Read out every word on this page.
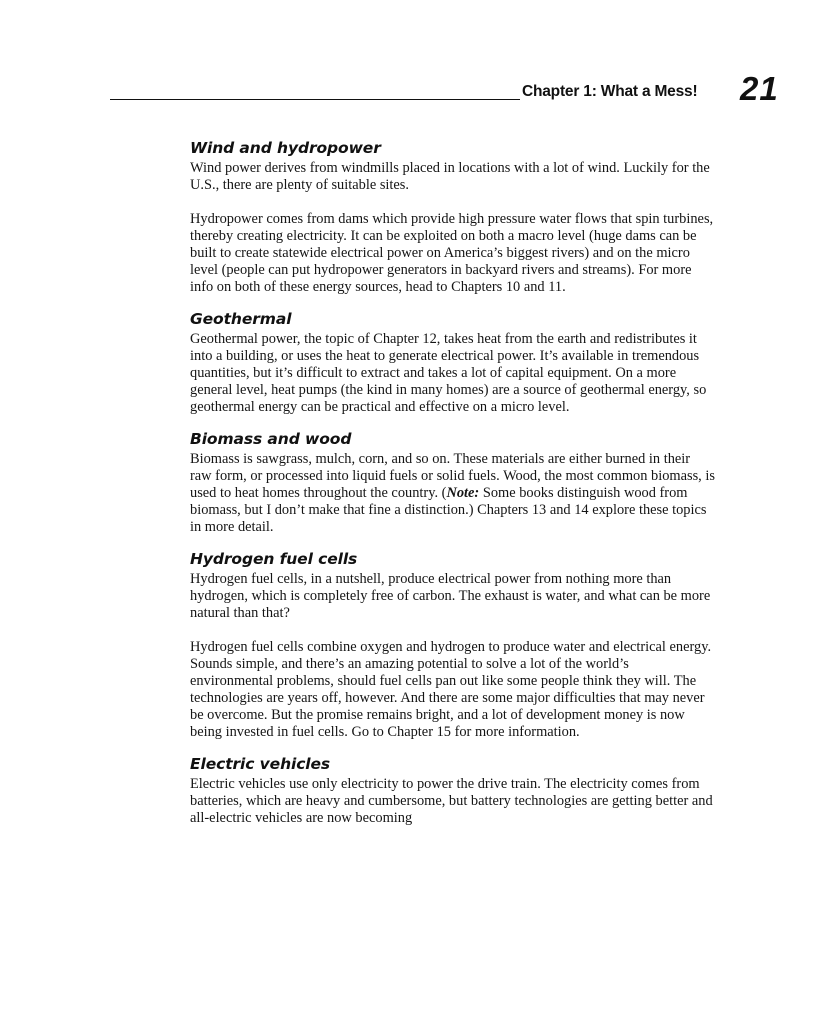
Chapter 1: What a Mess! 21
Wind and hydropower

Wind power derives from windmills placed in locations with a lot of wind. Luckily for the U.S., there are plenty of suitable sites.

Hydropower comes from dams which provide high pressure water flows that spin turbines, thereby creating electricity. It can be exploited on both a macro level (huge dams can be built to create statewide electrical power on America’s biggest rivers) and on the micro level (people can put hydropower generators in backyard rivers and streams). For more info on both of these energy sources, head to Chapters 10 and 11.

Geothermal

Geothermal power, the topic of Chapter 12, takes heat from the earth and redistributes it into a building, or uses the heat to generate electrical power. It’s available in tremendous quantities, but it’s difficult to extract and takes a lot of capital equipment. On a more general level, heat pumps (the kind in many homes) are a source of geothermal energy, so geothermal energy can be practical and effective on a micro level.

Biomass and wood

Biomass is sawgrass, mulch, corn, and so on. These materials are either burned in their raw form, or processed into liquid fuels or solid fuels. Wood, the most common biomass, is used to heat homes throughout the country. (Note: Some books distinguish wood from biomass, but I don’t make that fine a distinction.) Chapters 13 and 14 explore these topics in more detail.

Hydrogen fuel cells

Hydrogen fuel cells, in a nutshell, produce electrical power from nothing more than hydrogen, which is completely free of carbon. The exhaust is water, and what can be more natural than that?

Hydrogen fuel cells combine oxygen and hydrogen to produce water and electrical energy. Sounds simple, and there’s an amazing potential to solve a lot of the world’s environmental problems, should fuel cells pan out like some people think they will. The technologies are years off, however. And there are some major difficulties that may never be overcome. But the promise remains bright, and a lot of development money is now being invested in fuel cells. Go to Chapter 15 for more information.

Electric vehicles

Electric vehicles use only electricity to power the drive train. The electricity comes from batteries, which are heavy and cumbersome, but battery technologies are getting better and all-electric vehicles are now becoming
